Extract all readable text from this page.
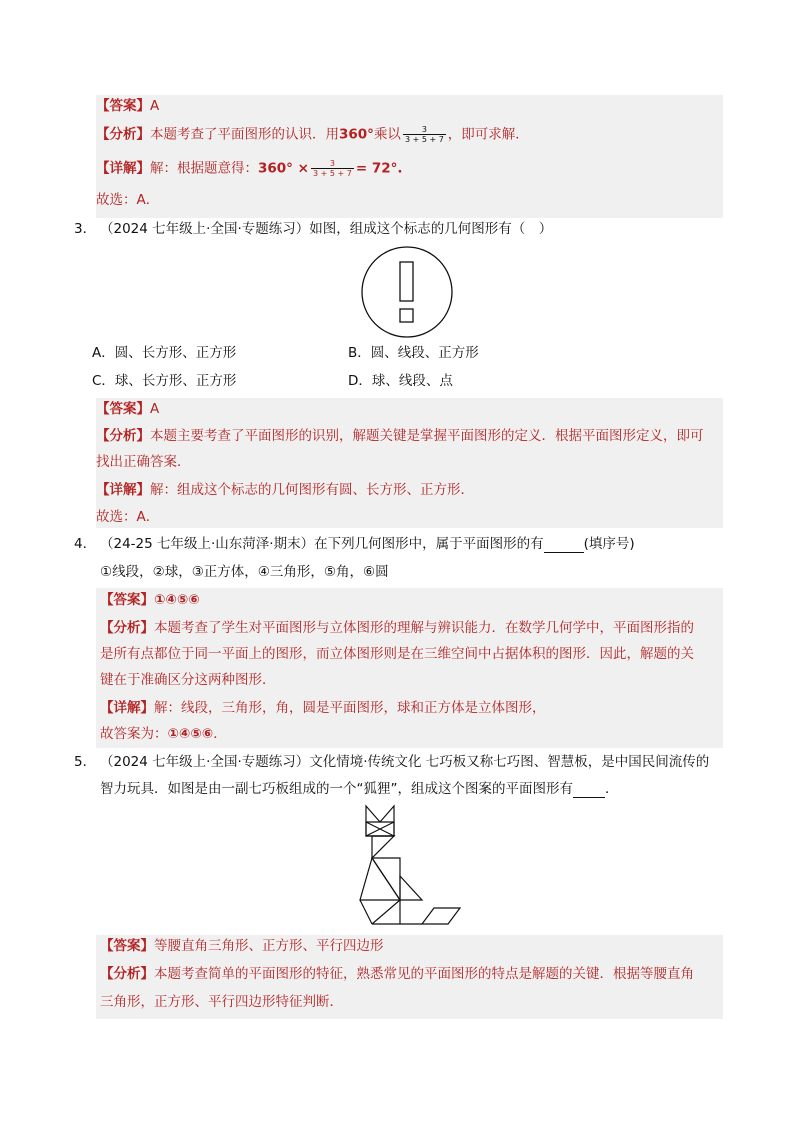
【答案】A
【分析】本题考查了平面图形的认识．用360°乘以 $\frac{3}{3 + 5 + 7}$ ，即可求解．
【详解】解：根据题意得：$360^\circ \times \frac{3}{3 + 5 + 7} = 72^\circ$.
故选：A．
3． （2024 七年级上·全国·专题练习）如图，组成这个标志的几何图形有（　）
A．圆、长方形、正方形	B．圆、线段、正方形
C．球、长方形、正方形	D．球、线段、点
【答案】A
【分析】本题主要考查了平面图形的识别，解题关键是掌握平面图形的定义．根据平面图形定义，即可
找出正确答案．
【详解】解：组成这个标志的几何图形有圆、长方形、正方形．
故选：A．
4． （24-25 七年级上·山东菏泽·期末）在下列几何图形中，属于平面图形的有	(填序号)
①线段，②球，③正方体，④三角形，⑤角，⑥圆
【答案】①④⑤⑥
【分析】本题考查了学生对平面图形与立体图形的理解与辨识能力．在数学几何学中，平面图形指的
是所有点都位于同一平面上的图形，而立体图形则是在三维空间中占据体积的图形．因此，解题的关
键在于准确区分这两种图形．
【详解】解：线段，三角形，角，圆是平面图形，球和正方体是立体图形，
故答案为：①④⑤⑥．
5． （2024 七年级上·全国·专题练习）文化情境·传统文化 七巧板又称七巧图、智慧板，是中国民间流传的
智力玩具．如图是由一副七巧板组成的一个“狐狸”，组成这个图案的平面图形有 ．
【答案】等腰直角三角形、正方形、平行四边形
【分析】本题考查简单的平面图形的特征，熟悉常见的平面图形的特点是解题的关键．根据等腰直角
三角形，正方形、平行四边形特征判断．
